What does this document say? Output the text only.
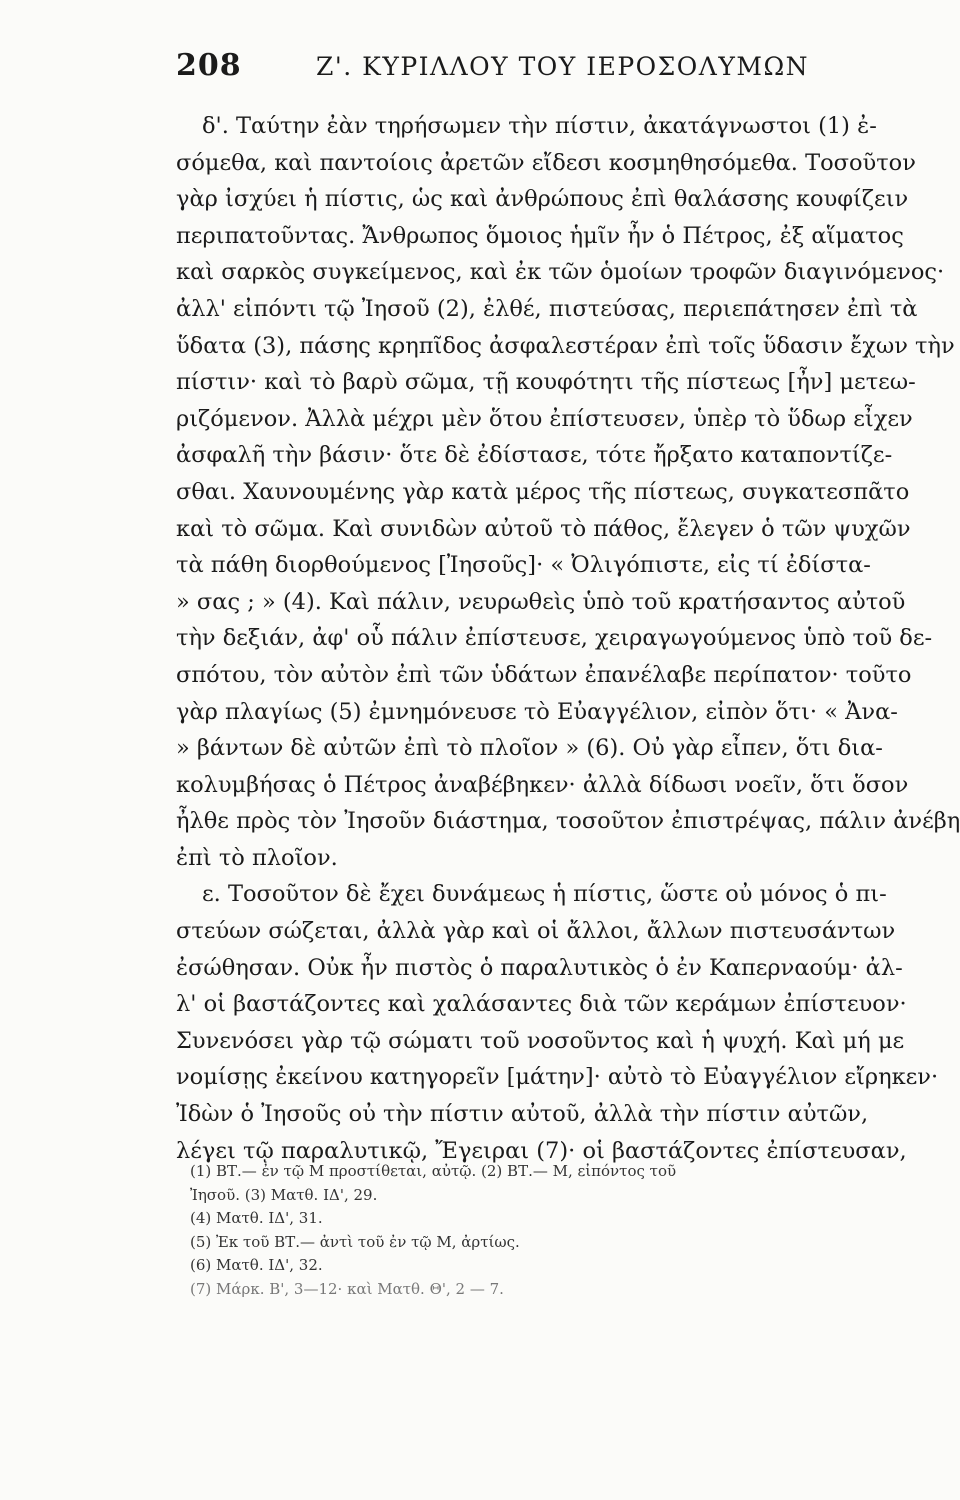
208	Ζ'. ΚΥΡΙΛΛΟΥ ΤΟΥ ΙΕΡΟΣΟΛΥΜΩΝ
δ'. Ταύτην ἐὰν τηρήσωμεν τὴν πίστιν, ἀκατάγνωστοι (1) ἐ-
σόμεθα, καὶ παντοίοις ἀρετῶν εἴδεσι κοσμηθησόμεθα. Τοσοῦτον
γὰρ ἰσχύει ἡ πίστις, ὡς καὶ ἀνθρώπους ἐπὶ θαλάσσης κουφίζειν
περιπατοῦντας. Ἄνθρωπος ὅμοιος ἡμῖν ἦν ὁ Πέτρος, ἐξ αἵματος
καὶ σαρκὸς συγκείμενος, καὶ ἐκ τῶν ὁμοίων τροφῶν διαγινόμενος·
ἀλλ' εἰπόντι τῷ Ἰησοῦ (2), ἐλθέ, πιστεύσας, περιεπάτησεν ἐπὶ τὰ
ὕδατα (3), πάσης κρηπῖδος ἀσφαλεστέραν ἐπὶ τοῖς ὕδασιν ἔχων τὴν
πίστιν· καὶ τὸ βαρὺ σῶμα, τῇ κουφότητι τῆς πίστεως [ἦν] μετεω-
ριζόμενον. Ἀλλὰ μέχρι μὲν ὅτου ἐπίστευσεν, ὑπὲρ τὸ ὕδωρ εἶχεν
ἀσφαλῆ τὴν βάσιν· ὅτε δὲ ἐδίστασε, τότε ἤρξατο καταποντίζε-
σθαι. Χαυνουμένης γὰρ κατὰ μέρος τῆς πίστεως, συγκατεσπᾶτο
καὶ τὸ σῶμα. Καὶ συνιδὼν αὐτοῦ τὸ πάθος, ἔλεγεν ὁ τῶν ψυχῶν
τὰ πάθη διορθούμενος [Ἰησοῦς]· « Ὀλιγόπιστε, εἰς τί ἐδίστα-
» σας ; » (4). Καὶ πάλιν, νευρωθεὶς ὑπὸ τοῦ κρατήσαντος αὐτοῦ
τὴν δεξιάν, ἀφ' οὗ πάλιν ἐπίστευσε, χειραγωγούμενος ὑπὸ τοῦ δε-
σπότου, τὸν αὐτὸν ἐπὶ τῶν ὑδάτων ἐπανέλαβε περίπατον· τοῦτο
γὰρ πλαγίως (5) ἐμνημόνευσε τὸ Εὐαγγέλιον, εἰπὸν ὅτι· « Ἀνα-
» βάντων δὲ αὐτῶν ἐπὶ τὸ πλοῖον » (6). Οὐ γὰρ εἶπεν, ὅτι δια-
κολυμβήσας ὁ Πέτρος ἀναβέβηκεν· ἀλλὰ δίδωσι νοεῖν, ὅτι ὅσον
ἦλθε πρὸς τὸν Ἰησοῦν διάστημα, τοσοῦτον ἐπιστρέψας, πάλιν ἀνέβη
ἐπὶ τὸ πλοῖον.
ε. Τοσοῦτον δὲ ἔχει δυνάμεως ἡ πίστις, ὥστε οὐ μόνος ὁ πι-
στεύων σώζεται, ἀλλὰ γὰρ καὶ οἱ ἄλλοι, ἄλλων πιστευσάντων
ἐσώθησαν. Οὐκ ἦν πιστὸς ὁ παραλυτικὸς ὁ ἐν Καπερναούμ· ἀλ-
λ' οἱ βαστάζοντες καὶ χαλάσαντες διὰ τῶν κεράμων ἐπίστευον·
Συνενόσει γὰρ τῷ σώματι τοῦ νοσοῦντος καὶ ἡ ψυχή. Καὶ μή με
νομίσῃς ἐκείνου κατηγορεῖν [μάτην]· αὐτὸ τὸ Εὐαγγέλιον εἴρηκεν·
Ἰδὼν ὁ Ἰησοῦς οὐ τὴν πίστιν αὐτοῦ, ἀλλὰ τὴν πίστιν αὐτῶν,
λέγει τῷ παραλυτικῷ, Ἔγειραι (7)· οἱ βαστάζοντες ἐπίστευσαν,
(1) ΒΤ.— ἐν τῷ Μ προστίθεται, αὐτῷ. (2) ΒΤ.— Μ, εἰπόντος τοῦ
Ἰησοῦ. (3) Ματθ. ΙΔ', 29.
(4) Ματθ. ΙΔ', 31.
(5) Ἐκ τοῦ ΒΤ.— ἀντὶ τοῦ ἐν τῷ Μ, ἀρτίως.
(6) Ματθ. ΙΔ', 32.
(7) Μάρκ. Β', 3—12· καὶ Ματθ. Θ', 2 — 7.
